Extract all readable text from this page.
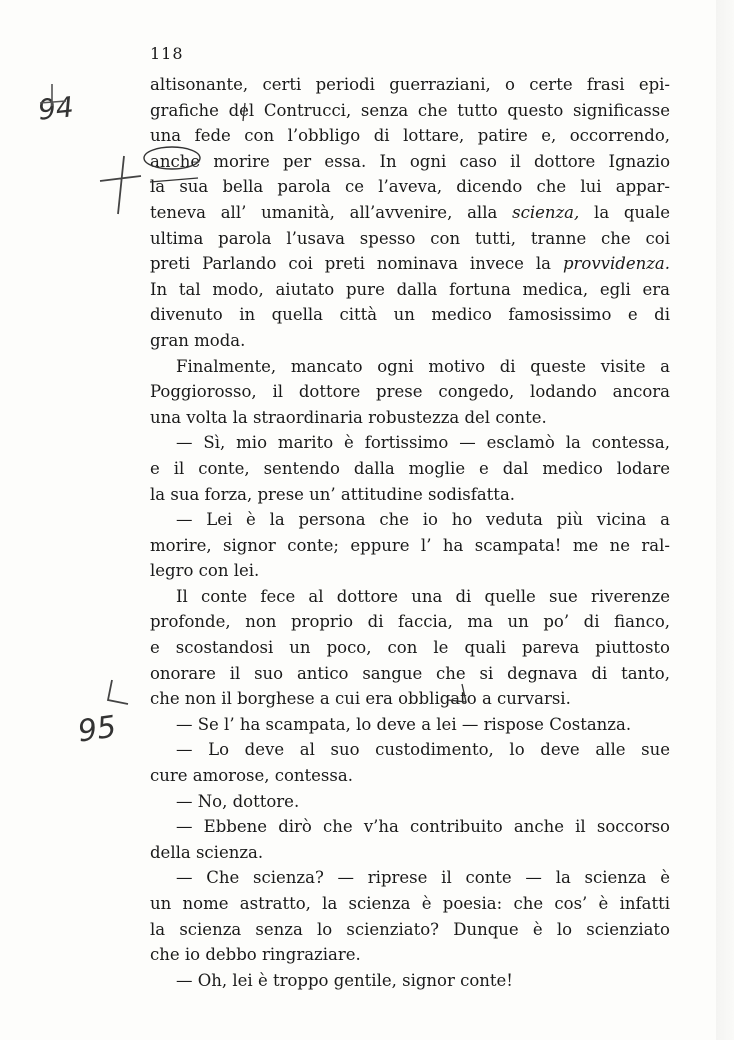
118
altisonante, certi periodi guerraziani, o certe frasi epi-
grafiche del Contrucci, senza che tutto questo significasse
una fede con l’obbligo di lottare, patire e, occorrendo,
anche morire per essa. In ogni caso il dottore Ignazio
la sua bella parola ce l’aveva, dicendo che lui appar-
teneva all’ umanità, all’avvenire, alla scienza, la quale
ultima parola l’usava spesso con tutti, tranne che coi
preti Parlando coi preti nominava invece la provvidenza.
In tal modo, aiutato pure dalla fortuna medica, egli era
divenuto in quella città un medico famosissimo e di
gran moda.
Finalmente, mancato ogni motivo di queste visite a
Poggiorosso, il dottore prese congedo, lodando ancora
una volta la straordinaria robustezza del conte.
— Sì, mio marito è fortissimo — esclamò la contessa,
e il conte, sentendo dalla moglie e dal medico lodare
la sua forza, prese un’ attitudine sodisfatta.
— Lei è la persona che io ho veduta più vicina a
morire, signor conte; eppure l’ ha scampata! me ne ral-
legro con lei.
Il conte fece al dottore una di quelle sue riverenze
profonde, non proprio di faccia, ma un po’ di fianco,
e scostandosi un poco, con le quali pareva piuttosto
onorare il suo antico sangue che si degnava di tanto,
che non il borghese a cui era obbligato a curvarsi.
— Se l’ ha scampata, lo deve a lei — rispose Costanza.
— Lo deve al suo custodimento, lo deve alle sue
cure amorose, contessa.
— No, dottore.
— Ebbene dirò che v’ha contribuito anche il soccorso
della scienza.
— Che scienza? — riprese il conte — la scienza è
un nome astratto, la scienza è poesia: che cos’ è infatti
la scienza senza lo scienziato? Dunque è lo scienziato
che io debbo ringraziare.
— Oh, lei è troppo gentile, signor conte!
94
95
